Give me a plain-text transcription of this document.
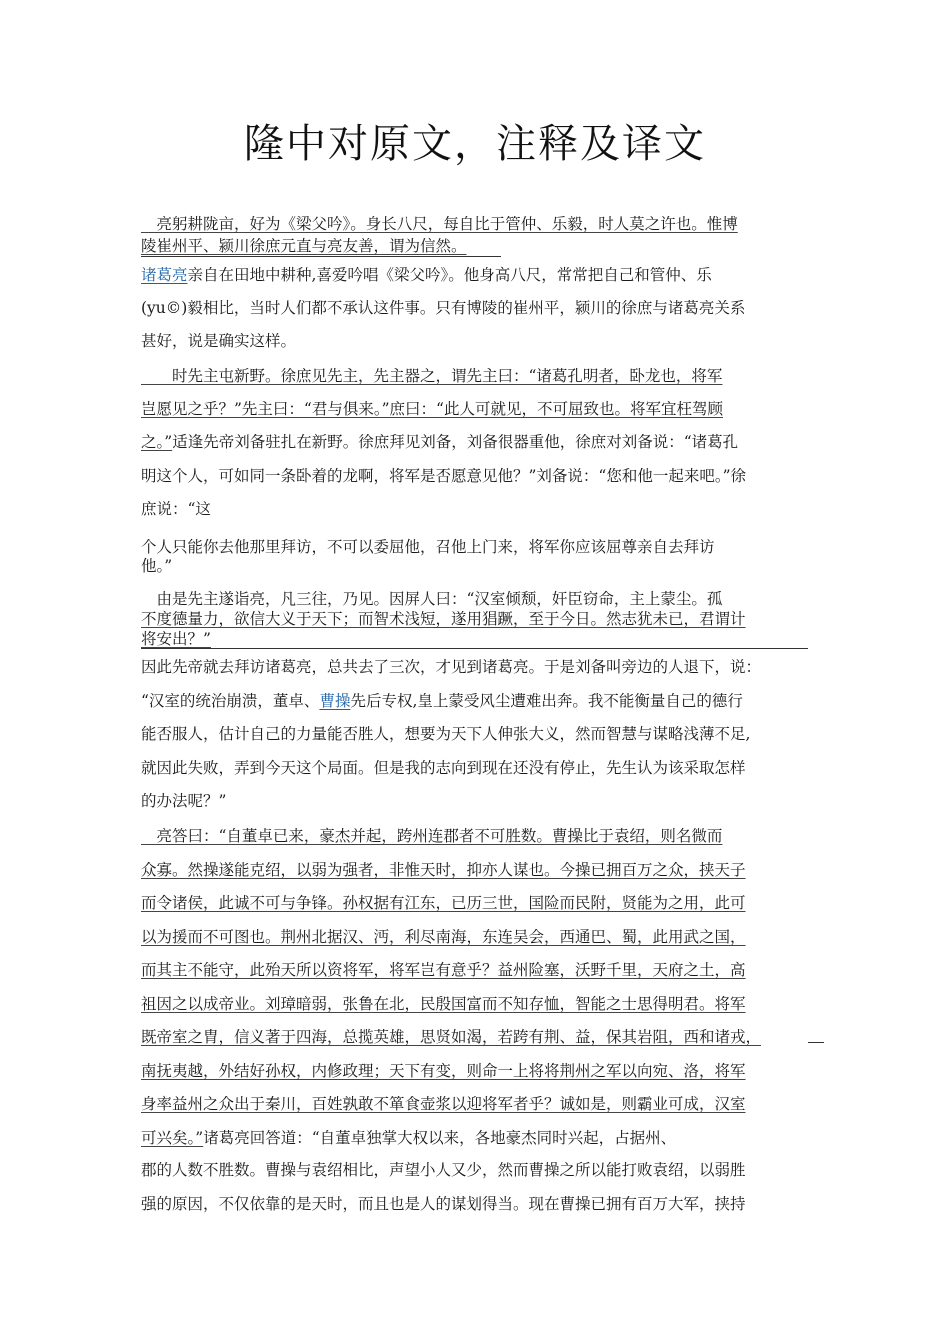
隆中对原文，注释及译文
　亮躬耕陇亩，好为《梁父吟》。身长八尺，每自比于管仲、乐毅，时人莫之许也。惟博
陵崔州平、颍川徐庶元直与亮友善，谓为信然。
诸葛亮亲自在田地中耕种,喜爱吟唱《梁父吟》。他身高八尺，常常把自己和管仲、乐
(yu©)毅相比，当时人们都不承认这件事。只有博陵的崔州平，颍川的徐庶与诸葛亮关系
甚好，说是确实这样。
　　时先主屯新野。徐庶见先主，先主器之，谓先主曰：“诸葛孔明者，卧龙也，将军
岂愿见之乎？”先主曰：“君与俱来。”庶曰：“此人可就见，不可屈致也。将军宜枉驾顾
之。”适逢先帝刘备驻扎在新野。徐庶拜见刘备，刘备很器重他，徐庶对刘备说：“诸葛孔
明这个人，可如同一条卧着的龙啊，将军是否愿意见他？”刘备说：“您和他一起来吧。”徐
庶说：“这
个人只能你去他那里拜访，不可以委屈他，召他上门来，将军你应该屈尊亲自去拜访
他。”
　由是先主遂诣亮，凡三往，乃见。因屏人曰：“汉室倾颓，奸臣窃命，主上蒙尘。孤
不度德量力，欲信大义于天下；而智术浅短，遂用猖蹶，至于今日。然志犹未已，君谓计
将安出？”
因此先帝就去拜访诸葛亮，总共去了三次，才见到诸葛亮。于是刘备叫旁边的人退下，说：
“汉室的统治崩溃，董卓、曹操先后专权,皇上蒙受风尘遭难出奔。我不能衡量自己的德行
能否服人，估计自己的力量能否胜人，想要为天下人伸张大义，然而智慧与谋略浅薄不足,
就因此失败，弄到今天这个局面。但是我的志向到现在还没有停止，先生认为该采取怎样
的办法呢？”
　亮答曰：“自董卓已来，豪杰并起，跨州连郡者不可胜数。曹操比于袁绍，则名微而
众寡。然操遂能克绍，以弱为强者，非惟天时，抑亦人谋也。今操已拥百万之众，挟天子
而令诸侯，此诚不可与争锋。孙权据有江东，已历三世，国险而民附，贤能为之用，此可
以为援而不可图也。荆州北据汉、沔，利尽南海，东连吴会，西通巴、蜀，此用武之国，
而其主不能守，此殆天所以资将军，将军岂有意乎？益州险塞，沃野千里，天府之土，高
祖因之以成帝业。刘璋暗弱，张鲁在北，民殷国富而不知存恤，智能之士思得明君。将军
既帝室之胄，信义著于四海，总揽英雄，思贤如渴，若跨有荆、益，保其岩阻，西和诸戎，
南抚夷越，外结好孙权，内修政理；天下有变，则命一上将将荆州之军以向宛、洛，将军
身率益州之众出于秦川，百姓孰敢不箪食壶浆以迎将军者乎？诚如是，则霸业可成，汉室
可兴矣。”诸葛亮回答道：“自董卓独掌大权以来，各地豪杰同时兴起，占据州、
郡的人数不胜数。曹操与袁绍相比，声望小人又少，然而曹操之所以能打败袁绍，以弱胜
强的原因，不仅依靠的是天时，而且也是人的谋划得当。现在曹操已拥有百万大军，挟持
